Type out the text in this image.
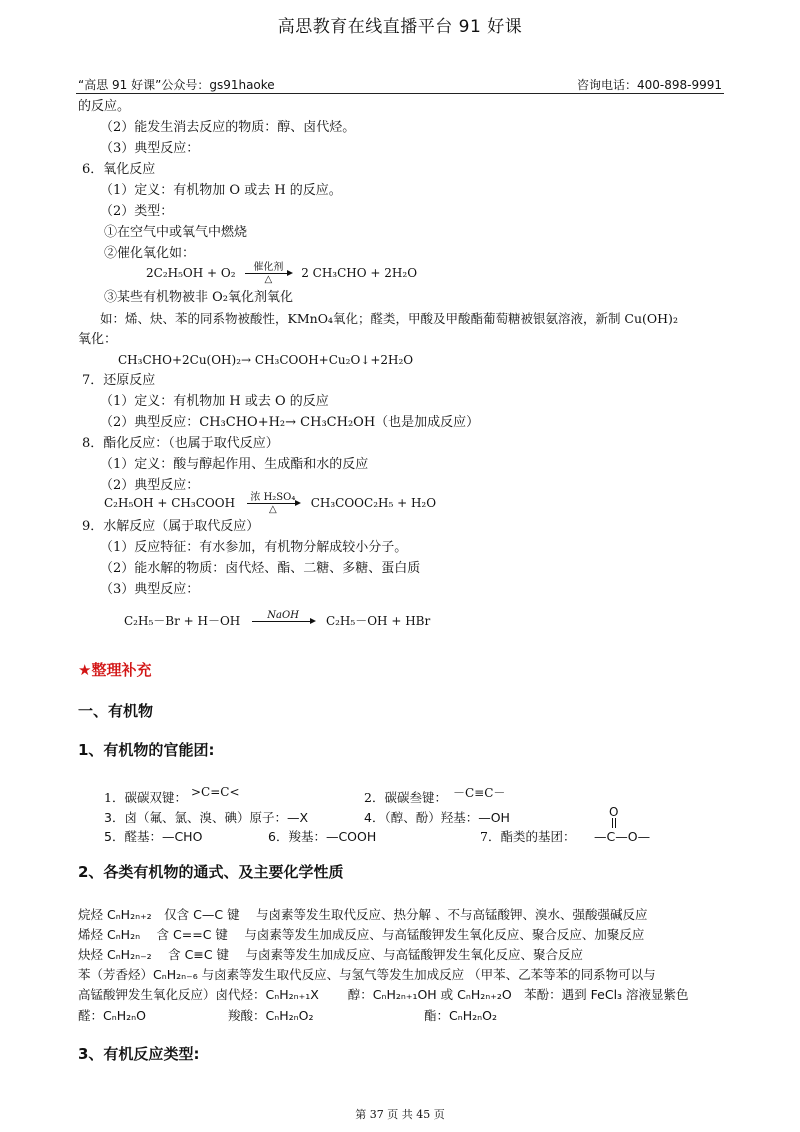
高思教育在线直播平台 91 好课
“高思 91 好课”公众号：gs91haoke	咨询电话：400-898-9991
的反应。
（2）能发生消去反应的物质：醇、卤代烃。
（3）典型反应：
6．氧化反应
（1）定义：有机物加 O 或去 H 的反应。
（2）类型：
①在空气中或氧气中燃烧
②催化氧化如：
2C₂H₅OH + O₂	催化剂
△	2 CH₃CHO + 2H₂O
③某些有机物被非 O₂氧化剂氧化
如：烯、炔、苯的同系物被酸性，KMnO₄氧化；醛类，甲酸及甲酸酯葡萄糖被银氨溶液，新制 Cu(OH)₂
氧化：
CH₃CHO+2Cu(OH)₂→ CH₃COOH+Cu₂O↓+2H₂O
7．还原反应
（1）定义：有机物加 H 或去 O 的反应
（2）典型反应：CH₃CHO+H₂→ CH₃CH₂OH（也是加成反应）
8．酯化反应：（也属于取代反应）
（1）定义：酸与醇起作用、生成酯和水的反应
（2）典型反应：
C₂H₅OH + CH₃COOH	浓 H₂SO₄
△	CH₃COOC₂H₅ + H₂O
9．水解反应（属于取代反应）
（1）反应特征：有水参加，有机物分解成较小分子。
（2）能水解的物质：卤代烃、酯、二糖、多糖、蛋白质
（3）典型反应：
C₂H₅－Br + H－OH	NaOH
	C₂H₅－OH + HBr
★整理补充
一、有机物
1、有机物的官能团:
1．碳碳双键： >C=C<	2．碳碳叁键： －C≡C－
3．卤（氟、氯、溴、碘）原子：—X	4．（醇、酚）羟基：—OH
5．醛基：—CHO	6．羧基：—COOH	7．酯类的基团：
O
—C—O—
2、各类有机物的通式、及主要化学性质
烷烃 CₙH₂ₙ₊₂　仅含 C—C 键　 与卤素等发生取代反应、热分解 、不与高锰酸钾、溴水、强酸强碱反应
烯烃 CₙH₂ₙ　 含 C==C 键　 与卤素等发生加成反应、与高锰酸钾发生氧化反应、聚合反应、加聚反应
炔烃 CₙH₂ₙ₋₂　 含 C≡C 键　 与卤素等发生加成反应、与高锰酸钾发生氧化反应、聚合反应
苯（芳香烃）CₙH₂ₙ₋₆ 与卤素等发生取代反应、与氢气等发生加成反应 （甲苯、乙苯等苯的同系物可以与
高锰酸钾发生氧化反应）卤代烃：CₙH₂ₙ₊₁X　　 醇：CₙH₂ₙ₊₁OH 或 CₙH₂ₙ₊₂O　苯酚：遇到 FeCl₃ 溶液显紫色
醛：CₙH₂ₙO	羧酸：CₙH₂ₙO₂	酯：CₙH₂ₙO₂
3、有机反应类型:
第 37 页 共 45 页
